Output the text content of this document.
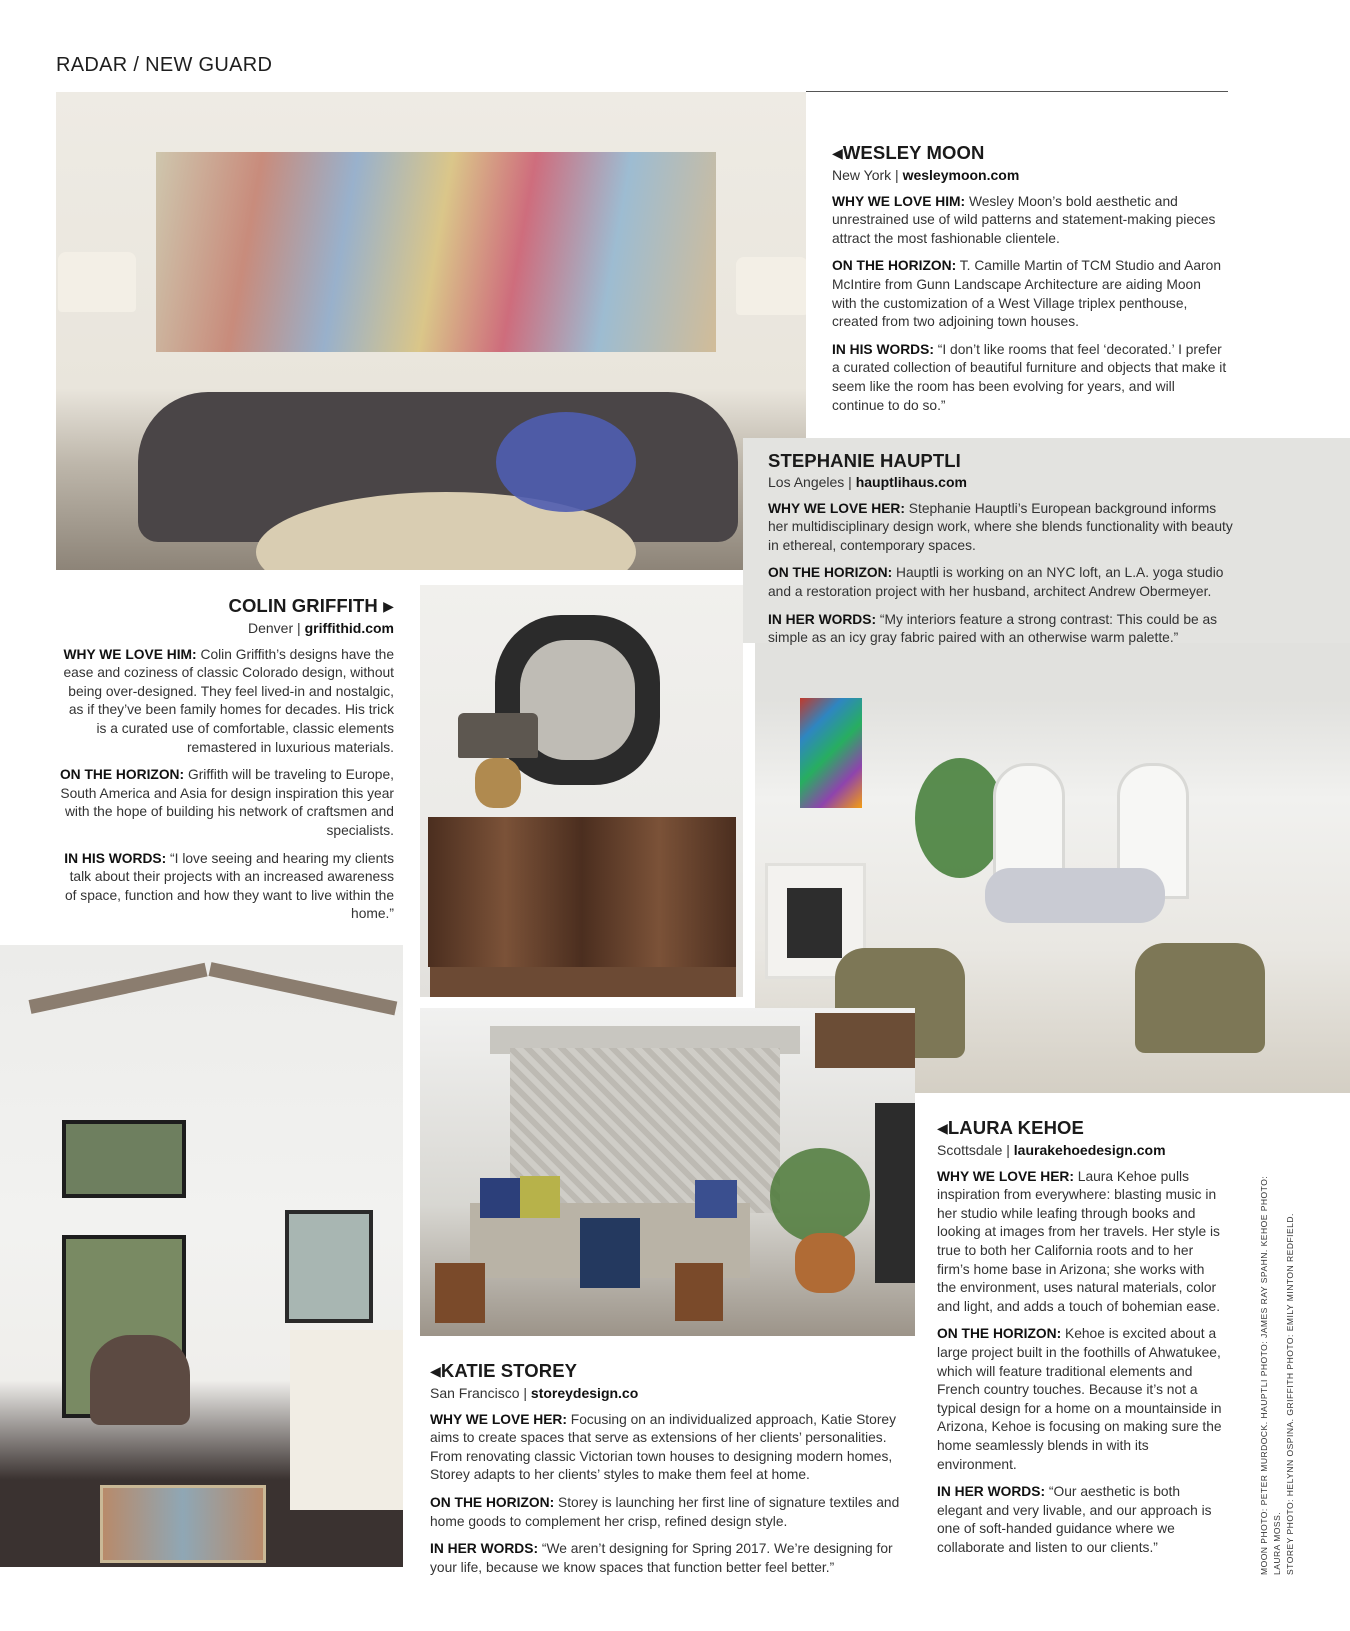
RADAR / NEW GUARD
◀WESLEY MOON
New York | wesleymoon.com

WHY WE LOVE HIM: Wesley Moon’s bold aesthetic and unrestrained use of wild patterns and statement-making pieces attract the most fashionable clientele.

ON THE HORIZON: T. Camille Martin of TCM Studio and Aaron McIntire from Gunn Landscape Architecture are aiding Moon with the customization of a West Village triplex penthouse, created from two adjoining town houses.

IN HIS WORDS: “I don’t like rooms that feel ‘decorated.’ I prefer a curated collection of beautiful furniture and objects that make it seem like the room has been evolving for years, and will continue to do so.”

STEPHANIE HAUPTLI
Los Angeles | hauptlihaus.com

WHY WE LOVE HER: Stephanie Hauptli’s European background informs her multidisciplinary design work, where she blends functionality with beauty in ethereal, contemporary spaces.

ON THE HORIZON: Hauptli is working on an NYC loft, an L.A. yoga studio and a restoration project with her husband, architect Andrew Obermeyer.

IN HER WORDS: “My interiors feature a strong contrast: This could be as simple as an icy gray fabric paired with an otherwise warm palette.”

COLIN GRIFFITH ▶
Denver | griffithid.com

WHY WE LOVE HIM: Colin Griffith’s designs have the ease and coziness of classic Colorado design, without being over-designed. They feel lived-in and nostalgic, as if they’ve been family homes for decades. His trick is a curated use of comfortable, classic elements remastered in luxurious materials.

ON THE HORIZON: Griffith will be traveling to Europe, South America and Asia for design inspiration this year with the hope of building his network of craftsmen and specialists.

IN HIS WORDS: “I love seeing and hearing my clients talk about their projects with an increased awareness of space, function and how they want to live within the home.”

◀KATIE STOREY
San Francisco | storeydesign.co

WHY WE LOVE HER: Focusing on an individualized approach, Katie Storey aims to create spaces that serve as extensions of her clients’ personalities. From renovating classic Victorian town houses to designing modern homes, Storey adapts to her clients’ styles to make them feel at home.

ON THE HORIZON: Storey is launching her first line of signature textiles and home goods to complement her crisp, refined design style.

IN HER WORDS: “We aren’t designing for Spring 2017. We’re designing for your life, because we know spaces that function better feel better.”

◀LAURA KEHOE
Scottsdale | laurakehoedesign.com

WHY WE LOVE HER: Laura Kehoe pulls inspiration from everywhere: blasting music in her studio while leafing through books and looking at images from her travels. Her style is true to both her California roots and to her firm’s home base in Arizona; she works with the environment, uses natural materials, color and light, and adds a touch of bohemian ease.

ON THE HORIZON: Kehoe is excited about a large project built in the foothills of Ahwatukee, which will feature traditional elements and French country touches. Because it’s not a typical design for a home on a mountainside in Arizona, Kehoe is focusing on making sure the home seamlessly blends in with its environment.

IN HER WORDS: “Our aesthetic is both elegant and very livable, and our approach is one of soft-handed guidance where we collaborate and listen to our clients.”	MOON PHOTO: PETER MURDOCK. HAUPTLI PHOTO: JAMES RAY SPAHN. KEHOE PHOTO: LAURA MOSS. STOREY PHOTO: HELYNN OSPINA. GRIFFITH PHOTO: EMILY MINTON REDFIELD.
